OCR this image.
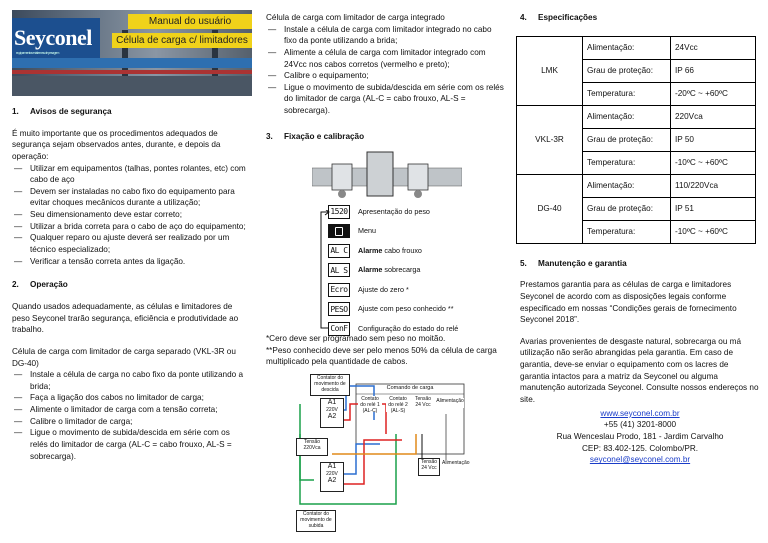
Seyconel
equipamentos e sistemas de pesagem
Manual do usuário
Célula de carga c/ limitadores
1. Avisos de segurança

É muito importante que os procedimentos adequados de segurança sejam observados antes, durante, e depois da operação:

— Utilizar em equipamentos (talhas, pontes rolantes, etc) com cabo de aço
— Devem ser instaladas no cabo fixo do equipamento para evitar choques mecânicos durante a utilização;
— Seu dimensionamento deve estar correto;
— Utilizar a brida correta para o cabo de aço do equipamento;
— Qualquer reparo ou ajuste deverá ser realizado por um técnico especializado;
— Verificar a tensão correta antes da ligação.
2. Operação

Quando usados adequadamente, as células e limitadores de peso Seyconel trarão segurança, eficiência e produtividade ao trabalho.

Célula de carga com limitador de carga separado (VKL-3R ou DG-40)

— Instale a célula de carga no cabo fixo da ponte utilizando a brida;
— Faça a ligação dos cabos no limitador de carga;
— Alimente o limitador de carga com a tensão correta;
— Calibre o limitador de carga;
— Ligue o movimento de subida/descida em série com os relés do limitador de carga (AL-C = cabo frouxo, AL-S = sobrecarga).
Célula de carga com limitador de carga integrado
— Instale a célula de carga com limitador integrado no cabo fixo da ponte utilizando a brida;
— Alimente a célula de carga com limitador integrado com 24Vcc nos cabos corretos (vermelho e preto);
— Calibre o equipamento;
— Ligue o movimento de subida/descida em série com os relés do limitador de carga (AL-C = cabo frouxo, AL-S = sobrecarga).
3. Fixação e calibração
1520	Apresentação do peso
Menu
AL C	Alarme cabo frouxo
AL S	Alarme sobrecarga
Ecro	Ajuste do zero *
PESO	Ajuste com peso conhecido **
ConF	Configuração do estado do relé
*Cero deve ser programado sem peso no moitão.
**Peso conhecido deve ser pelo menos 50% da célula de carga multiplicado pela quantidade de cabos.
Contator do movimento de descida
A1
220V
A2
Comando de carga
Contato do relé 1 (AL-C)
Contato do relé 2 (AL-S)
Tensão 24 Vcc
Alimentação
Tensão 220Vca
A1
220V
A2
Tensão 24 Vcc
Alimentação
Contator do movimento de subida
4. Especificações
LMK	Alimentação:	24Vcc
	Grau de proteção:	IP 66
	Temperatura:	-20ºC ~ +60ºC
VKL-3R	Alimentação:	220Vca
	Grau de proteção:	IP 50
	Temperatura:	-10ºC ~ +60ºC
DG-40	Alimentação:	110/220Vca
	Grau de proteção:	IP 51
	Temperatura:	-10ºC ~ +60ºC
5. Manutenção e garantia

Prestamos garantia para as células de carga e limitadores Seyconel de acordo com as disposições legais conforme especificado em nossas “Condições gerais de fornecimento Seyconel 2018”.

Avarias provenientes de desgaste natural, sobrecarga ou má utilização não serão abrangidas pela garantia. Em caso de garantia, deve-se enviar o equipamento com os lacres de garantia intactos para a matriz da Seyconel ou alguma manutenção autorizada Seyconel. Consulte nossos endereços no site.

www.seyconel.com.br
+55 (41) 3201-8000
Rua Wenceslau Prodo, 181 - Jardim Carvalho
CEP: 83.402-125. Colombo/PR.
seyconel@seyconel.com.br
